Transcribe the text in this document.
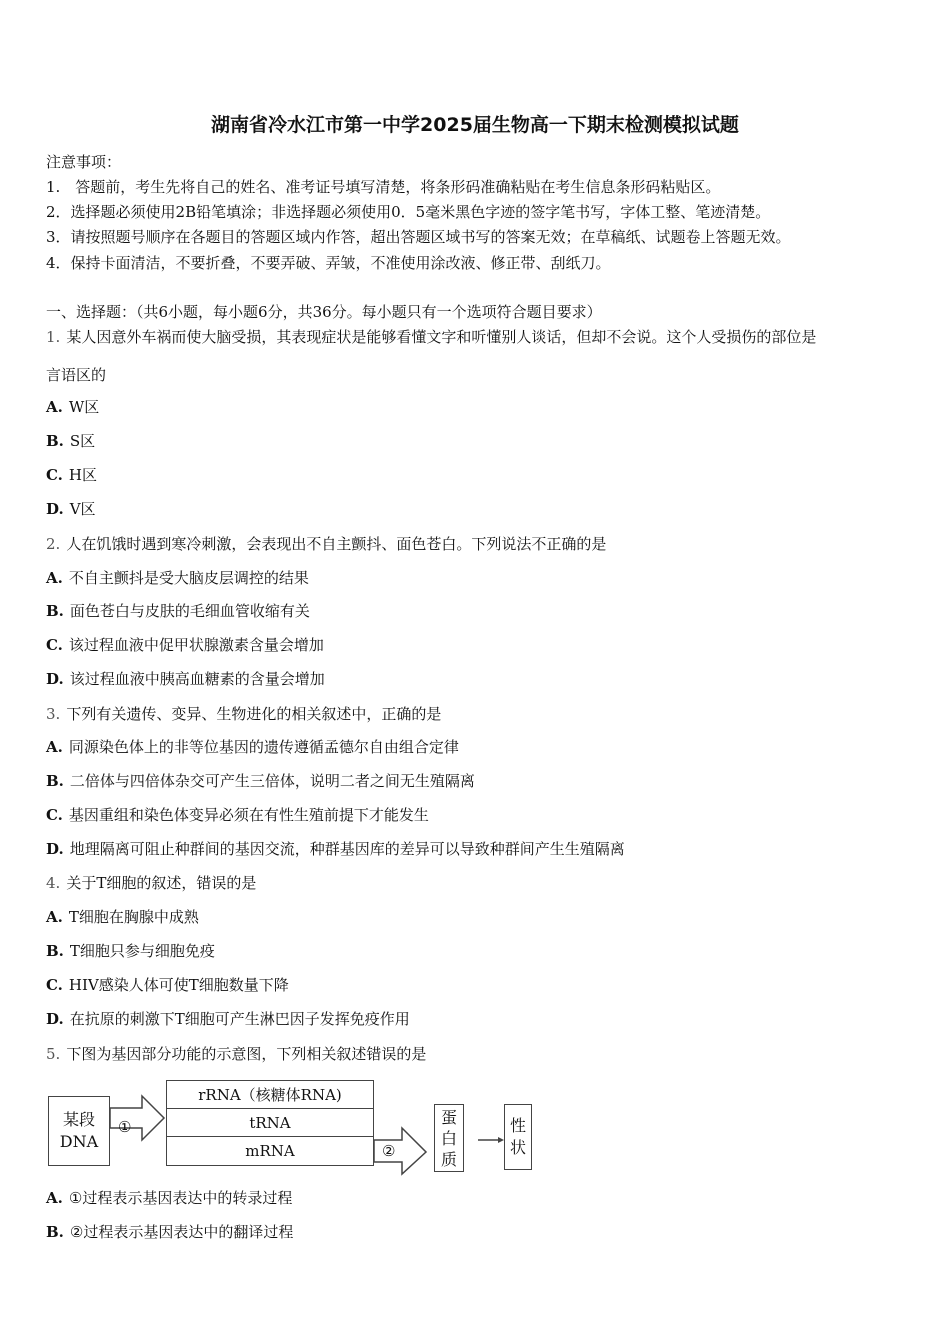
湖南省冷水江市第一中学2025届生物高一下期末检测模拟试题
注意事项：
1.　答题前，考生先将自己的姓名、准考证号填写清楚，将条形码准确粘贴在考生信息条形码粘贴区。
2．选择题必须使用2B铅笔填涂；非选择题必须使用0．5毫米黑色字迹的签字笔书写，字体工整、笔迹清楚。
3．请按照题号顺序在各题目的答题区域内作答，超出答题区域书写的答案无效；在草稿纸、试题卷上答题无效。
4．保持卡面清洁，不要折叠，不要弄破、弄皱，不准使用涂改液、修正带、刮纸刀。
一、选择题：（共6小题，每小题6分，共36分。每小题只有一个选项符合题目要求）
1. 某人因意外车祸而使大脑受损，其表现症状是能够看懂文字和听懂别人谈话，但却不会说。这个人受损伤的部位是
言语区的
A. W区
B. S区
C. H区
D. V区
2. 人在饥饿时遇到寒冷刺激，会表现出不自主颤抖、面色苍白。下列说法不正确的是
A. 不自主颤抖是受大脑皮层调控的结果
B. 面色苍白与皮肤的毛细血管收缩有关
C. 该过程血液中促甲状腺激素含量会增加
D. 该过程血液中胰高血糖素的含量会增加
3. 下列有关遗传、变异、生物进化的相关叙述中，正确的是
A. 同源染色体上的非等位基因的遗传遵循孟德尔自由组合定律
B. 二倍体与四倍体杂交可产生三倍体，说明二者之间无生殖隔离
C. 基因重组和染色体变异必须在有性生殖前提下才能发生
D. 地理隔离可阻止种群间的基因交流，种群基因库的差异可以导致种群间产生生殖隔离
4. 关于T细胞的叙述，错误的是
A. T细胞在胸腺中成熟
B. T细胞只参与细胞免疫
C. HIV感染人体可使T细胞数量下降
D. 在抗原的刺激下T细胞可产生淋巴因子发挥免疫作用
5. 下图为基因部分功能的示意图，下列相关叙述错误的是
某段
DNA
①
rRNA（核糖体RNA)
tRNA
mRNA	②
蛋
白
质
性
状
A. ①过程表示基因表达中的转录过程
B. ②过程表示基因表达中的翻译过程
